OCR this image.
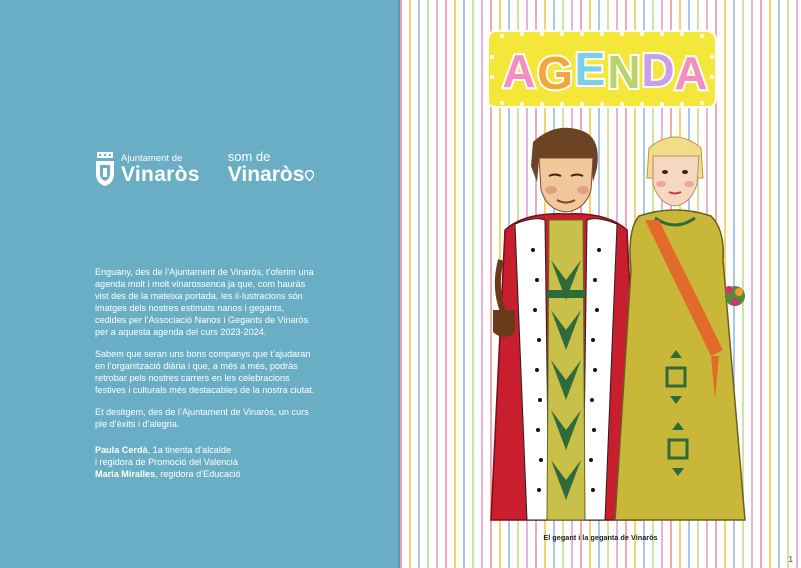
Ajuntament de
Vinaròs
som de
Vinaròs

Enguany, des de l’Ajuntament de Vinaròs, t’oferim una agenda molt i molt vinarossenca ja que, com hauràs vist des de la mateixa portada, les il·lustracions són imatges dels nostres estimats nanos i gegants, cedides per l’Associació Nanos i Gegants de Vinaròs per a aquesta agenda del curs 2023-2024.

Sabem que seran uns bons companys que t’ajudaran en l’organització diària i que, a més a més, podràs retrobar pels nostres carrers en les celebracions festives i culturals més destacables de la nostra ciutat.

Et desitgem, des de l’Ajuntament de Vinaròs, un curs ple d’èxits i d’alegria.

Paula Cerdà, 1a tinenta d’alcalde
i regidora de Promoció del Valencià
Maria Miralles, regidora d’Educació
A G E N D A
El gegant i la geganta de Vinaròs
1
